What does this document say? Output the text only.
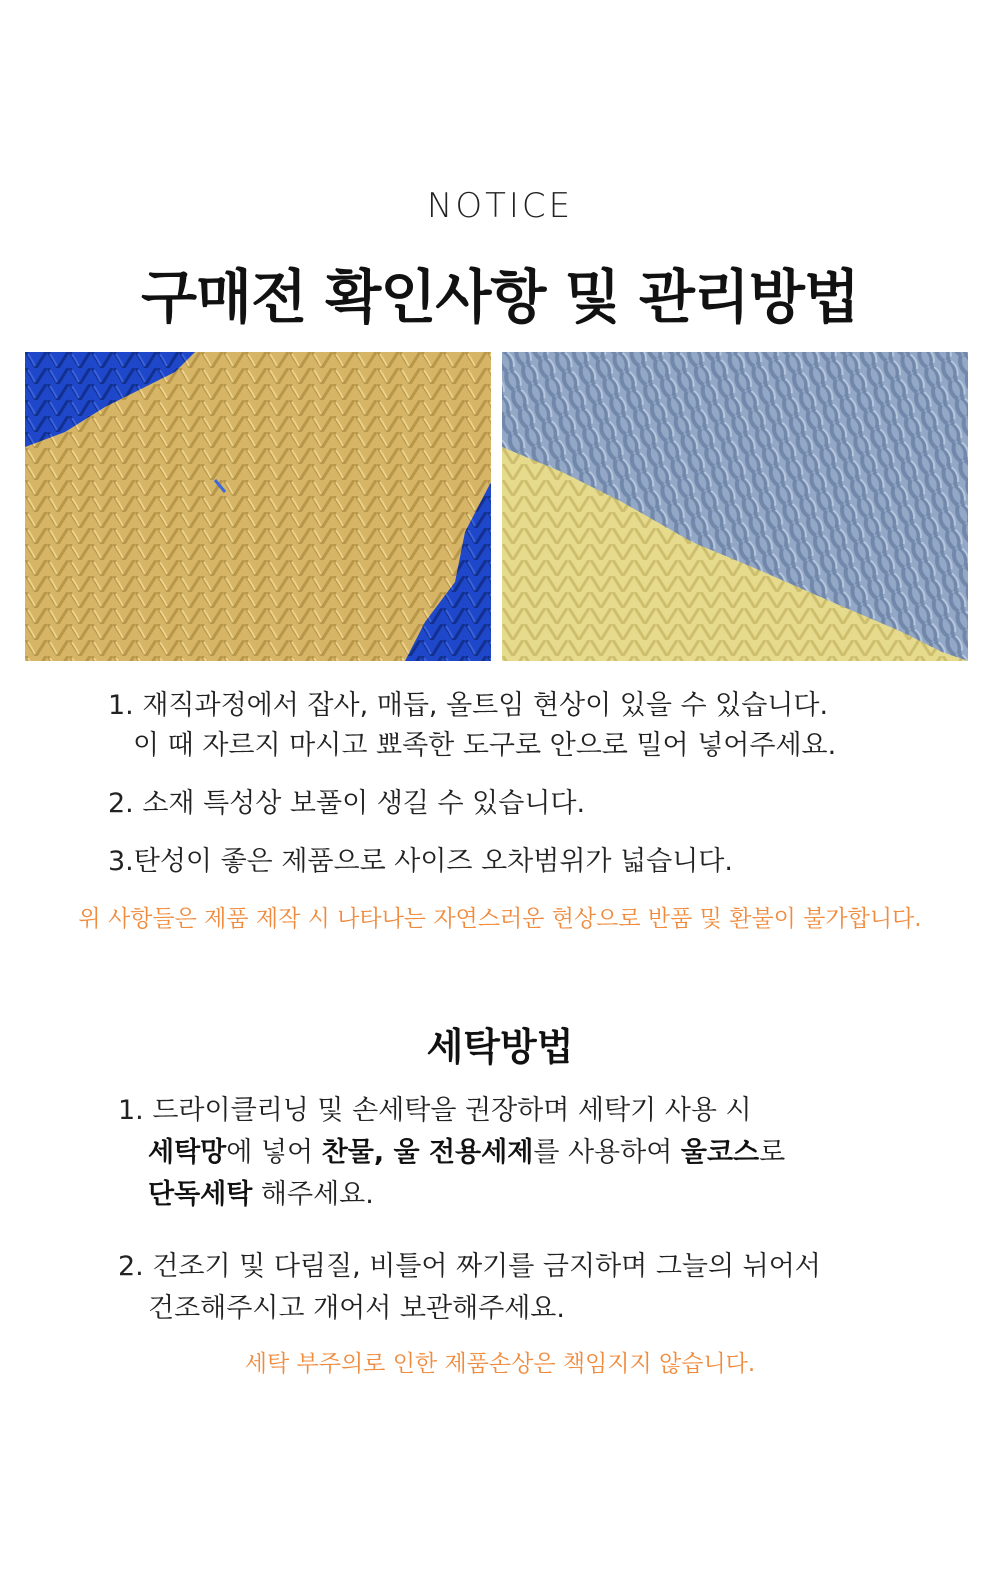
NOTICE
구매전 확인사항 및 관리방법
1. 재직과정에서 잡사, 매듭, 올트임 현상이 있을 수 있습니다.
이 때 자르지 마시고 뾰족한 도구로 안으로 밀어 넣어주세요.
2. 소재 특성상 보풀이 생길 수 있습니다.
3.탄성이 좋은 제품으로 사이즈 오차범위가 넓습니다.
위 사항들은 제품 제작 시 나타나는 자연스러운 현상으로 반품 및 환불이 불가합니다.
세탁방법
1. 드라이클리닝 및 손세탁을 권장하며 세탁기 사용 시
세탁망에 넣어 찬물, 울 전용세제를 사용하여 울코스로
단독세탁 해주세요.
2. 건조기 및 다림질, 비틀어 짜기를 금지하며 그늘의 뉘어서
건조해주시고 개어서 보관해주세요.
세탁 부주의로 인한 제품손상은 책임지지 않습니다.
